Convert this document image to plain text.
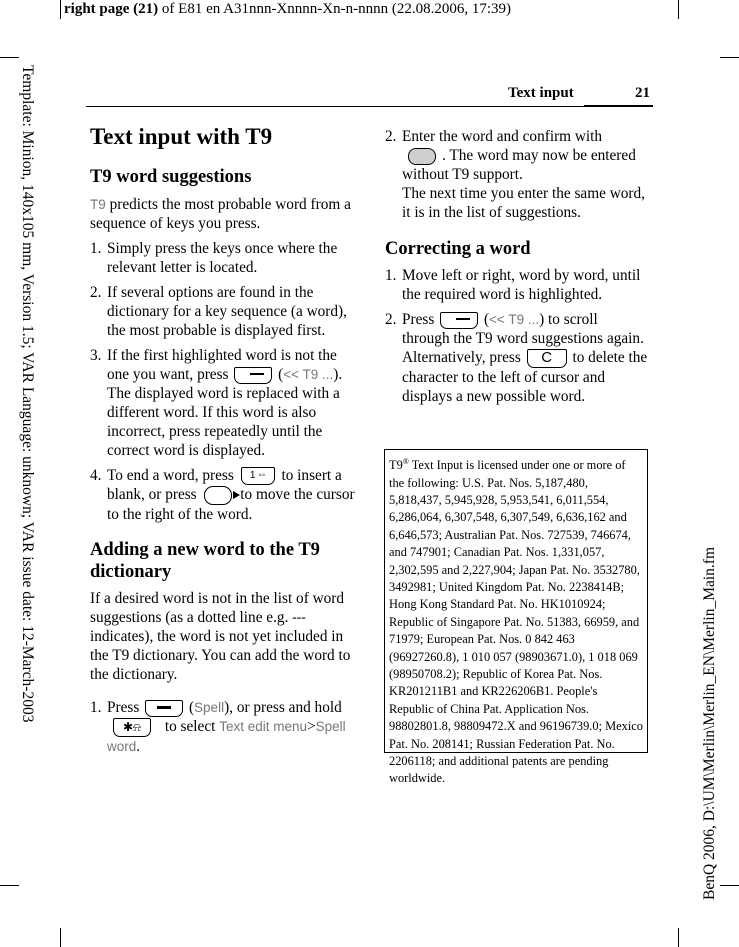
right page (21) of E81 en A31nnn-Xnnnn-Xn-n-nnnn (22.08.2006, 17:39)
Template: Minion, 140x105 mm, Version 1.5; VAR Language: unknown; VAR issue date: 12-March-2003
BenQ 2006, D:\UM\Merlin\Merlin_EN\Merlin_Main.fm
Text input	21
Text input with T9
T9 word suggestions

T9 predicts the most probable word from a sequence of keys you press.

1. Simply press the keys once where the relevant letter is located.
2. If several options are found in the dictionary for a key sequence (a word), the most probable is displayed first.
3. If the first highlighted word is not the one you want, press	(<< T9 ...). The displayed word is replaced with a different word. If this word is also incorrect, press repeatedly until the correct word is displayed.
4. To end a word, press 1 ◦◦ to insert a blank, or press  to move the cursor to the right of the word.
Adding a new word to the T9 dictionary

If a desired word is not in the list of word suggestions (as a dotted line e.g. --- indicates), the word is not yet included in the T9 dictionary. You can add the word to the dictionary.

1. Press	(Spell), or press and hold
✱⍾ to select Text edit menu>Spell word.
2. Enter the word and confirm with
. The word may now be entered without T9 support.
The next time you enter the same word, it is in the list of suggestions.
Correcting a word
1. Move left or right, word by word, until the required word is highlighted.
2. Press	(<< T9 ...) to scroll through the T9 word suggestions again.
Alternatively, press C to delete the character to the left of cursor and displays a new possible word.
T9® Text Input is licensed under one or more of the following: U.S. Pat. Nos. 5,187,480, 5,818,437, 5,945,928, 5,953,541, 6,011,554, 6,286,064, 6,307,548, 6,307,549, 6,636,162 and 6,646,573; Australian Pat. Nos. 727539, 746674, and 747901; Canadian Pat. Nos. 1,331,057, 2,302,595 and 2,227,904; Japan Pat. No. 3532780, 3492981; United Kingdom Pat. No. 2238414B; Hong Kong Standard Pat. No. HK1010924; Republic of Singapore Pat. No. 51383, 66959, and 71979; European Pat. Nos. 0 842 463 (96927260.8), 1 010 057 (98903671.0), 1 018 069 (98950708.2); Republic of Korea Pat. Nos. KR201211B1 and KR226206B1. People's Republic of China Pat. Application Nos. 98802801.8, 98809472.X and 96196739.0; Mexico Pat. No. 208141; Russian Federation Pat. No. 2206118; and additional patents are pending worldwide.
